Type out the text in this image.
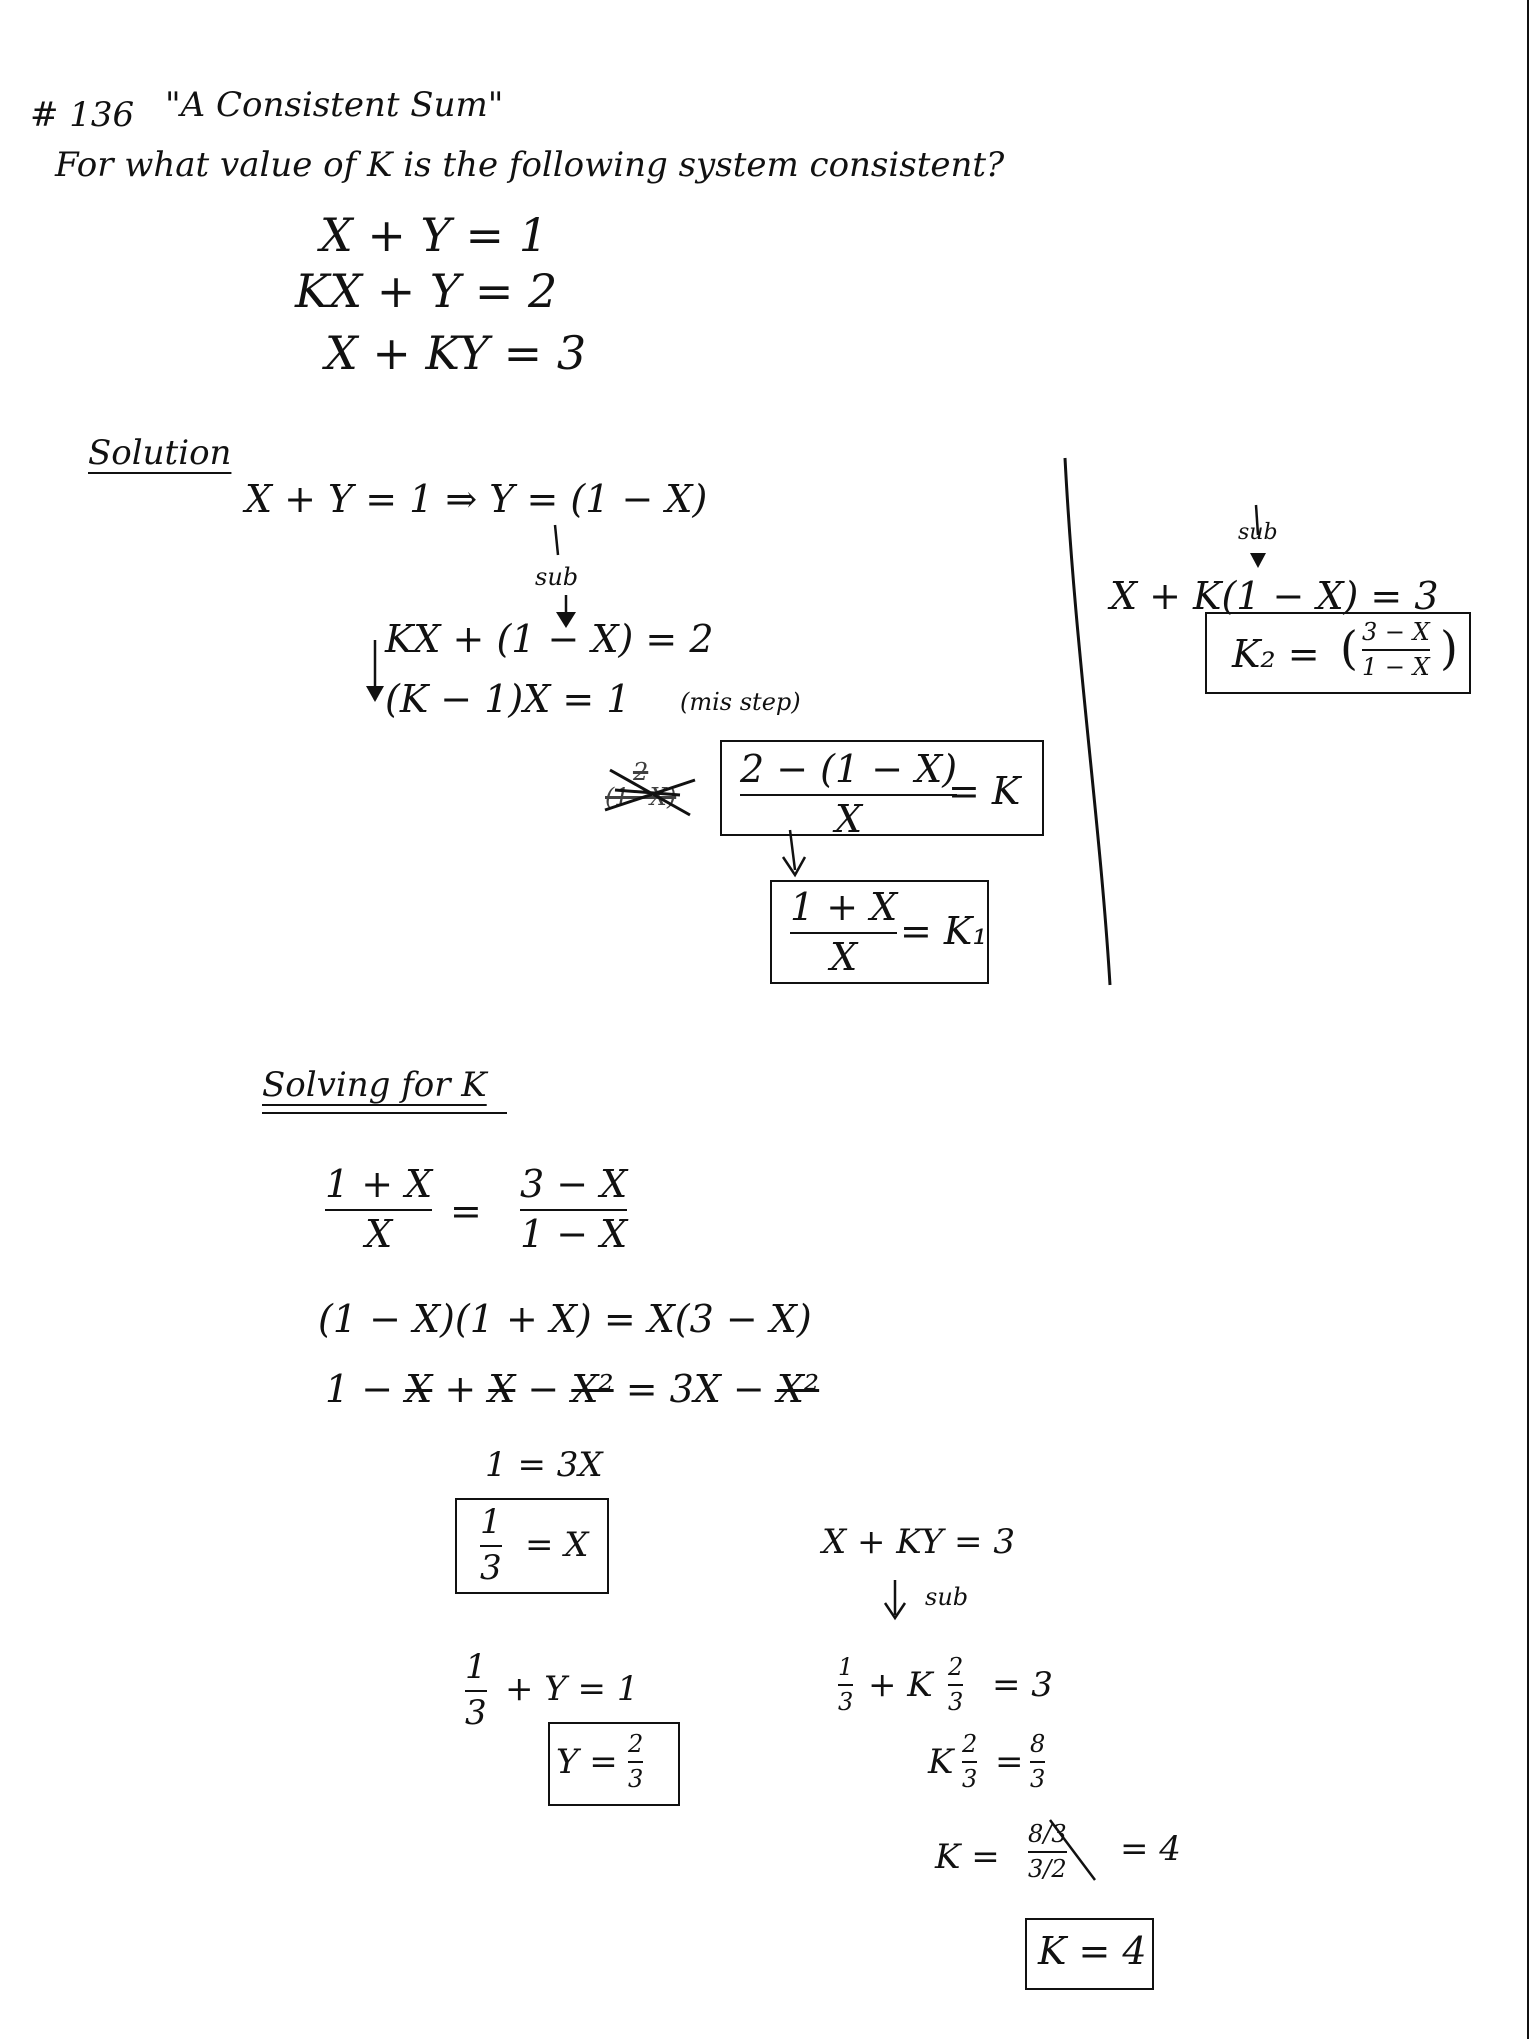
# 136 "A Consistent Sum"
For what value of K is the following system consistent?
X + Y = 1
KX + Y = 2
X + KY = 3
Solution
X + Y = 1 ⇒ Y = (1 − X)
sub
KX + (1 − X) = 2
(K − 1)X = 1 (mis step)
2
(1−X)
2 − (1 − X)
X
= K
1 + X
X
= K₁
sub
X + K(1 − X) = 3
K₂ = ( 3 − X
1 − X )
Solving for K
1 + X
X
=
3 − X
1 − X
(1 − X)(1 + X) = X(3 − X)
1 − X + X − X² = 3X − X²
1 = 3X
1
3
= X
1
3
+ Y = 1
Y = 2
3
X + KY = 3
sub
1
3 + K 2
3 = 3
K 2
3 = 8
3
K =
8/3
3/2
= 4
K = 4
